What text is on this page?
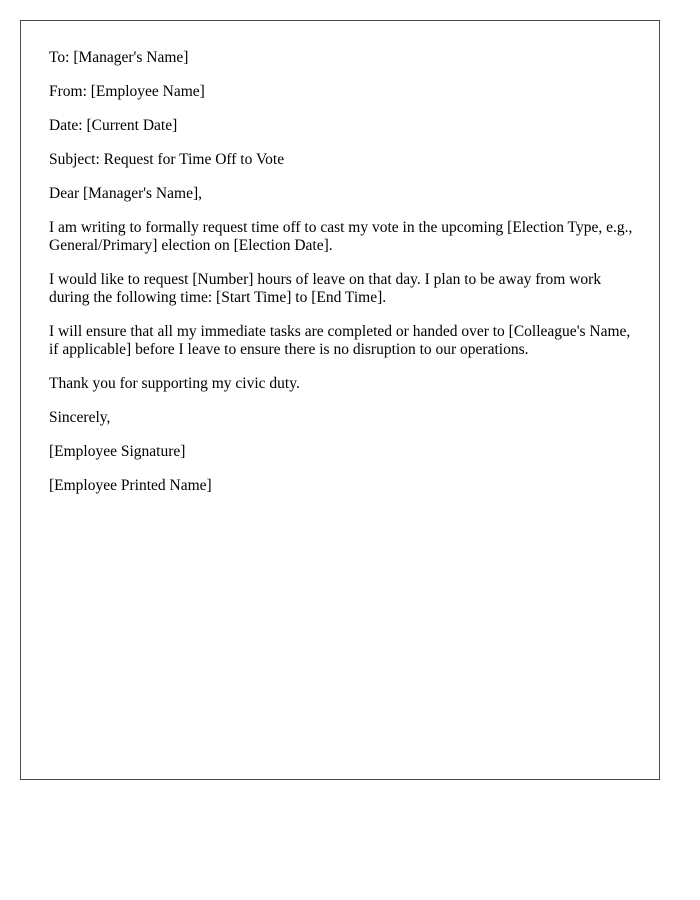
To: [Manager's Name]

From: [Employee Name]

Date: [Current Date]

Subject: Request for Time Off to Vote

Dear [Manager's Name],

I am writing to formally request time off to cast my vote in the upcoming [Election Type, e.g., General/Primary] election on [Election Date].

I would like to request [Number] hours of leave on that day. I plan to be away from work during the following time: [Start Time] to [End Time].

I will ensure that all my immediate tasks are completed or handed over to [Colleague's Name, if applicable] before I leave to ensure there is no disruption to our operations.

Thank you for supporting my civic duty.

Sincerely,

[Employee Signature]

[Employee Printed Name]
